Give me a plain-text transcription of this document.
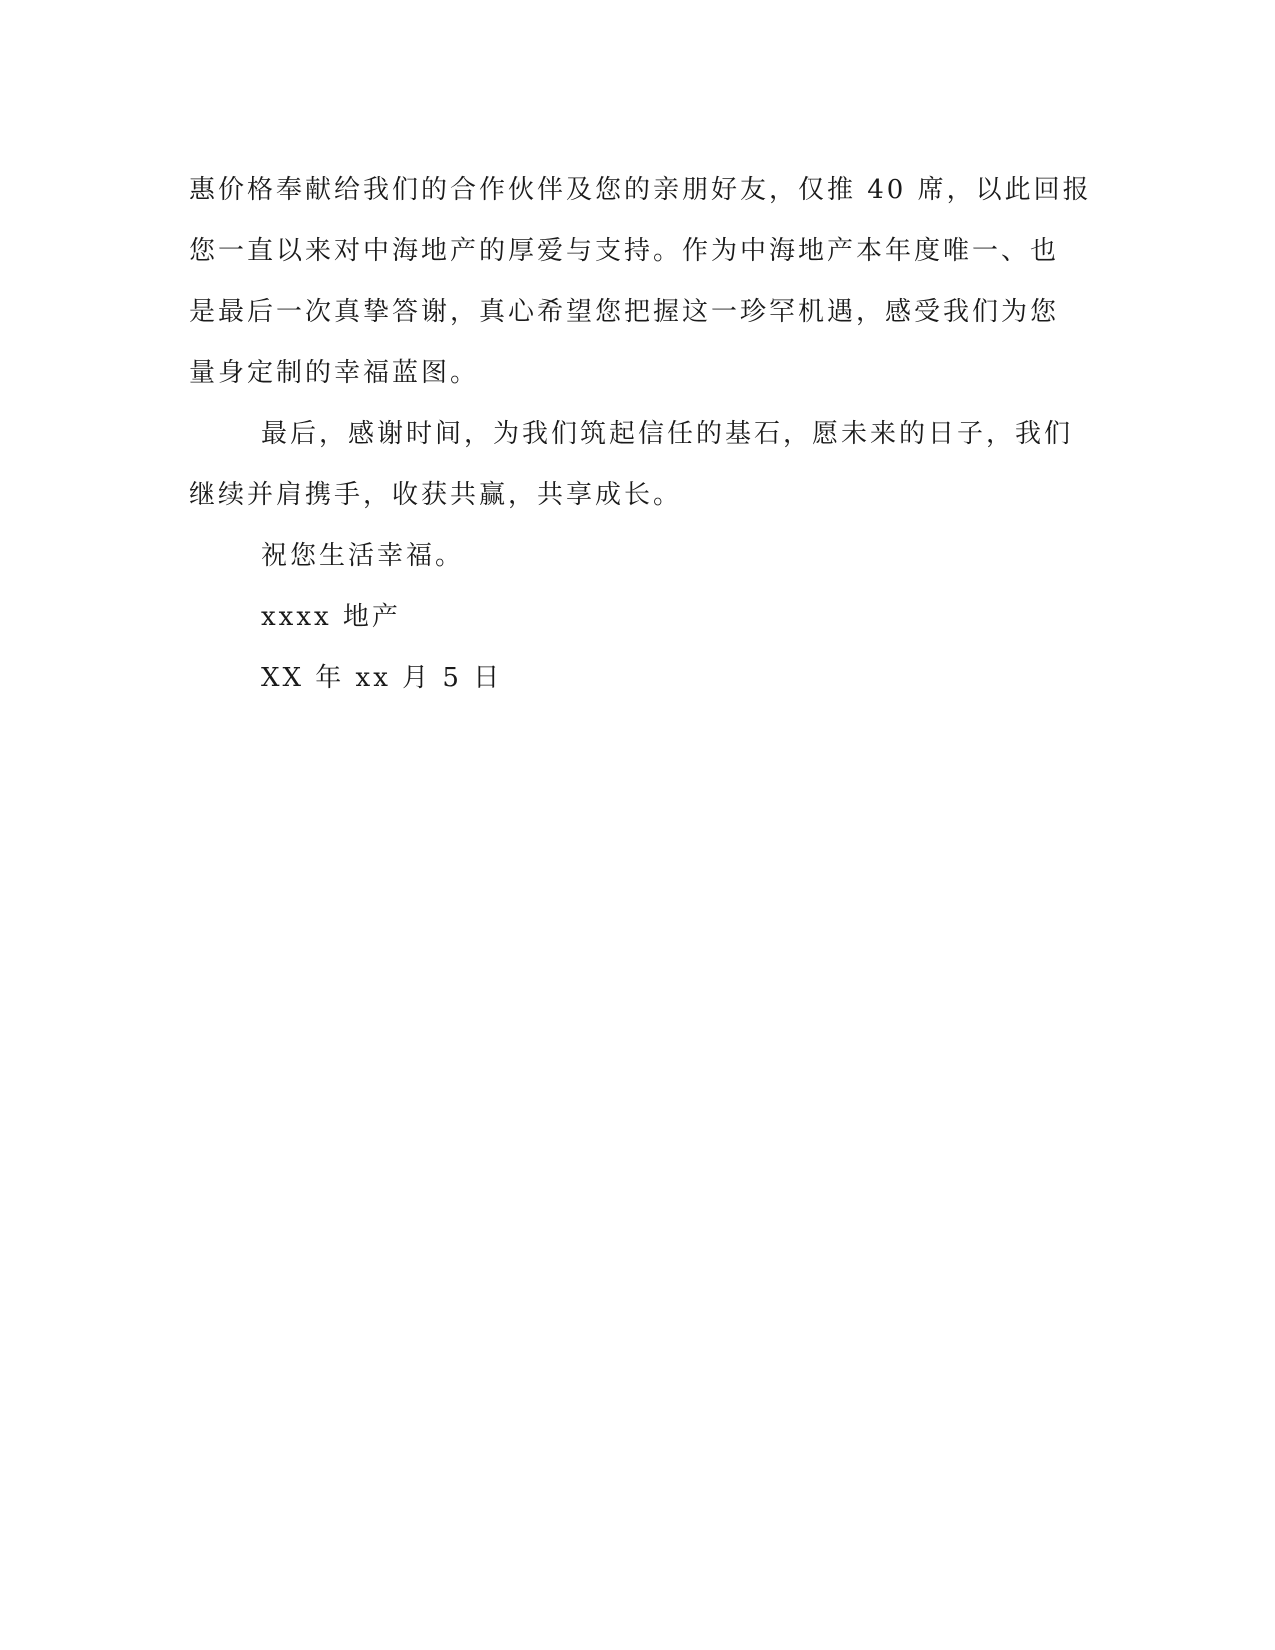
惠价格奉献给我们的合作伙伴及您的亲朋好友，仅推 40 席，以此回报
您一直以来对中海地产的厚爱与支持。作为中海地产本年度唯一、也
是最后一次真挚答谢，真心希望您把握这一珍罕机遇，感受我们为您
量身定制的幸福蓝图。
最后，感谢时间，为我们筑起信任的基石，愿未来的日子，我们
继续并肩携手，收获共赢，共享成长。
祝您生活幸福。
xxxx 地产
XX 年 xx 月 5 日
